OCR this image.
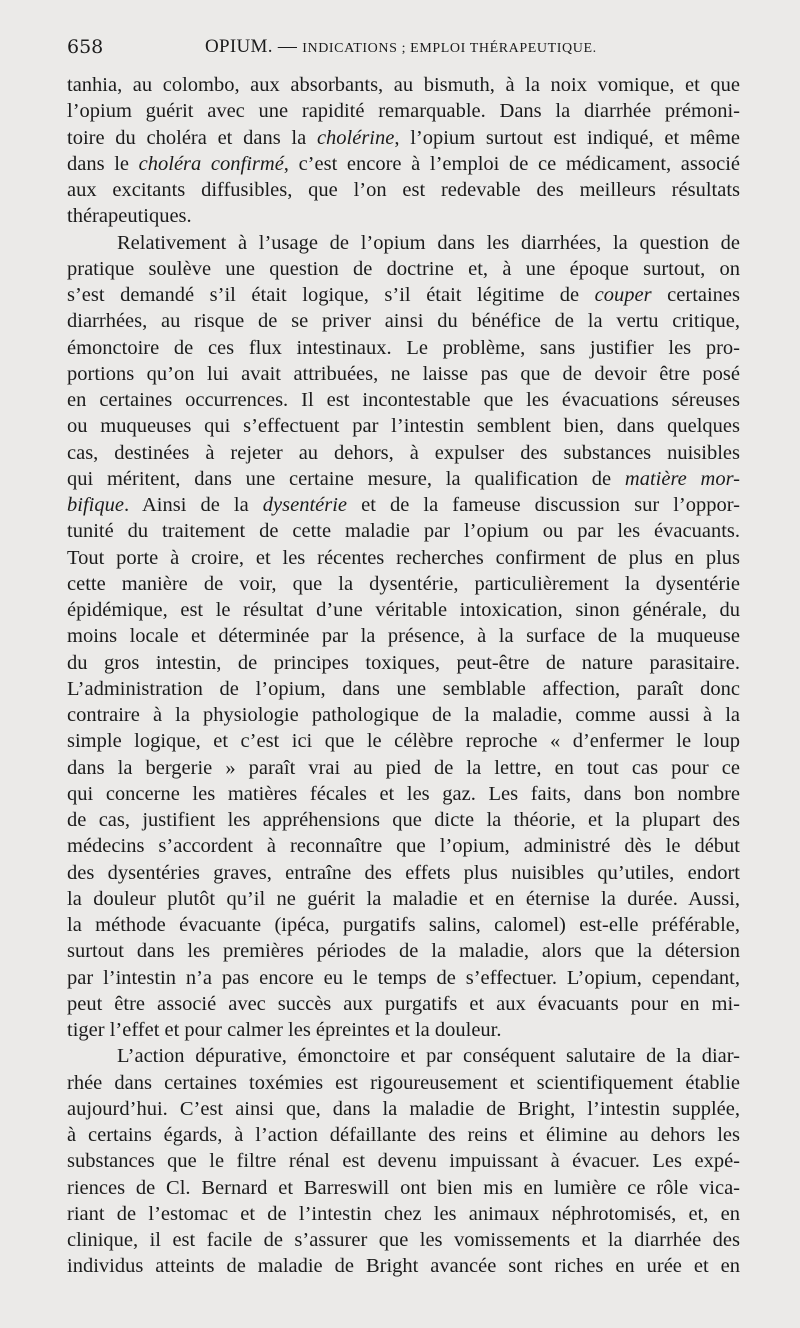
658	OPIUM. — INDICATIONS ; EMPLOI THÉRAPEUTIQUE.
tanhia, au colombo, aux absorbants, au bismuth, à la noix vomique, et que
l’opium guérit avec une rapidité remarquable. Dans la diarrhée prémoni-
toire du choléra et dans la cholérine, l’opium surtout est indiqué, et même
dans le choléra confirmé, c’est encore à l’emploi de ce médicament, associé
aux excitants diffusibles, que l’on est redevable des meilleurs résultats
thérapeutiques.
Relativement à l’usage de l’opium dans les diarrhées, la question de
pratique soulève une question de doctrine et, à une époque surtout, on
s’est demandé s’il était logique, s’il était légitime de couper certaines
diarrhées, au risque de se priver ainsi du bénéfice de la vertu critique,
émonctoire de ces flux intestinaux. Le problème, sans justifier les pro-
portions qu’on lui avait attribuées, ne laisse pas que de devoir être posé
en certaines occurrences. Il est incontestable que les évacuations séreuses
ou muqueuses qui s’effectuent par l’intestin semblent bien, dans quelques
cas, destinées à rejeter au dehors, à expulser des substances nuisibles
qui méritent, dans une certaine mesure, la qualification de matière mor-
bifique. Ainsi de la dysentérie et de la fameuse discussion sur l’oppor-
tunité du traitement de cette maladie par l’opium ou par les évacuants.
Tout porte à croire, et les récentes recherches confirment de plus en plus
cette manière de voir, que la dysentérie, particulièrement la dysentérie
épidémique, est le résultat d’une véritable intoxication, sinon générale, du
moins locale et déterminée par la présence, à la surface de la muqueuse
du gros intestin, de principes toxiques, peut-être de nature parasitaire.
L’administration de l’opium, dans une semblable affection, paraît donc
contraire à la physiologie pathologique de la maladie, comme aussi à la
simple logique, et c’est ici que le célèbre reproche « d’enfermer le loup
dans la bergerie » paraît vrai au pied de la lettre, en tout cas pour ce
qui concerne les matières fécales et les gaz. Les faits, dans bon nombre
de cas, justifient les appréhensions que dicte la théorie, et la plupart des
médecins s’accordent à reconnaître que l’opium, administré dès le début
des dysentéries graves, entraîne des effets plus nuisibles qu’utiles, endort
la douleur plutôt qu’il ne guérit la maladie et en éternise la durée. Aussi,
la méthode évacuante (ipéca, purgatifs salins, calomel) est-elle préférable,
surtout dans les premières périodes de la maladie, alors que la détersion
par l’intestin n’a pas encore eu le temps de s’effectuer. L’opium, cependant,
peut être associé avec succès aux purgatifs et aux évacuants pour en mi-
tiger l’effet et pour calmer les épreintes et la douleur.
L’action dépurative, émonctoire et par conséquent salutaire de la diar-
rhée dans certaines toxémies est rigoureusement et scientifiquement établie
aujourd’hui. C’est ainsi que, dans la maladie de Bright, l’intestin supplée,
à certains égards, à l’action défaillante des reins et élimine au dehors les
substances que le filtre rénal est devenu impuissant à évacuer. Les expé-
riences de Cl. Bernard et Barreswill ont bien mis en lumière ce rôle vica-
riant de l’estomac et de l’intestin chez les animaux néphrotomisés, et, en
clinique, il est facile de s’assurer que les vomissements et la diarrhée des
individus atteints de maladie de Bright avancée sont riches en urée et en
